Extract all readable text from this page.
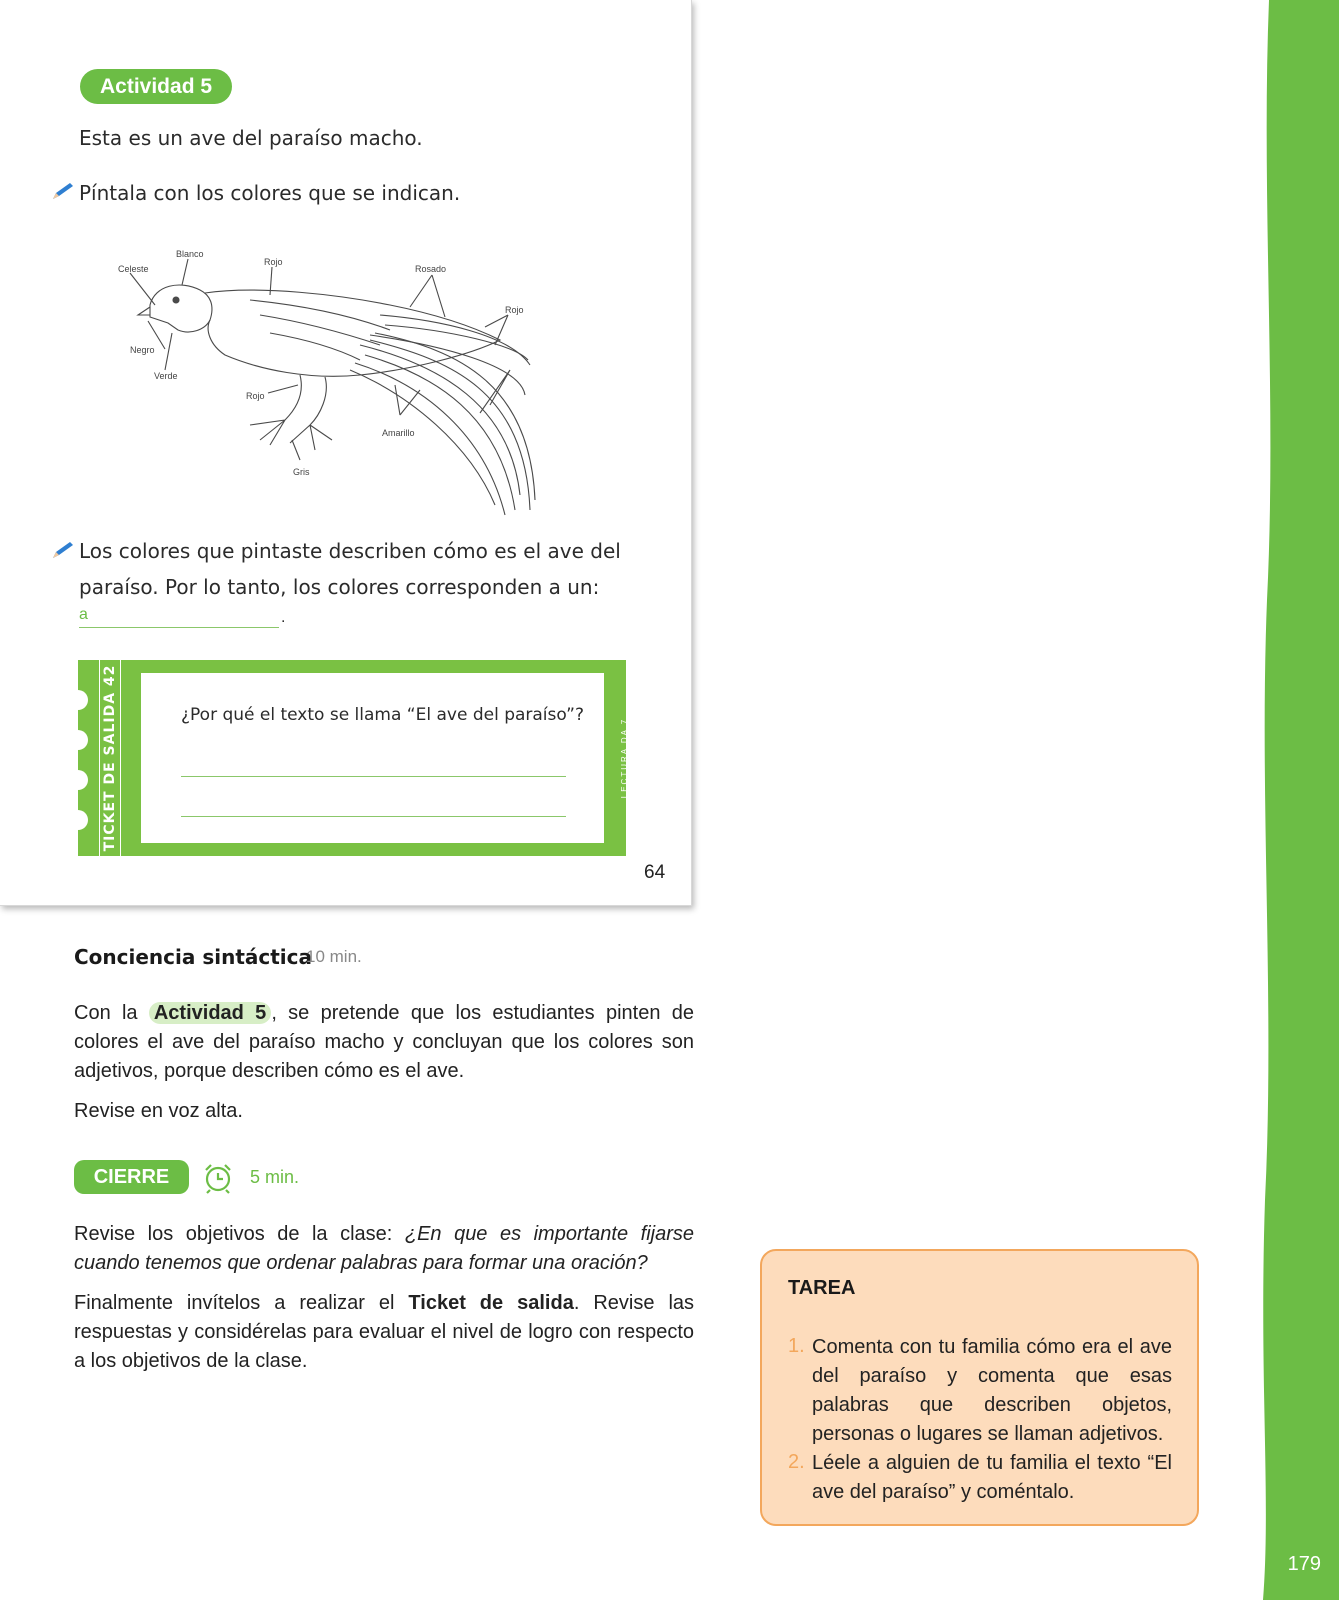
179
Actividad 5
Esta es un ave del paraíso macho.
Píntala con los colores que se indican.
Blanco
Celeste
Rojo
Rosado
Rojo
Negro
Verde
Rojo
Amarillo
Gris
Los colores que pintaste describen cómo es el ave del
paraíso. Por lo tanto, los colores corresponden a un:
a	.
TICKET DE SALIDA 42	¿Por qué el texto se llama “El ave del paraíso”?
LECTURA DA 7
64
Conciencia sintáctica
10 min.
Con la Actividad 5 , se pretende que los estudiantes pinten de colores el ave del paraíso macho y concluyan que los colores son adjetivos, porque describen cómo es el ave.
Revise en voz alta.
CIERRE	5 min.
Revise los objetivos de la clase: ¿En que es importante fijarse cuando tenemos que ordenar palabras para formar una oración?
Finalmente invítelos a realizar el Ticket de salida. Revise las respuestas y considérelas para evaluar el nivel de logro con respecto a los objetivos de la clase.
TAREA
1. Comenta con tu familia cómo era el ave del paraíso y comenta que esas palabras que describen objetos, personas o lugares se llaman adjetivos.
2. Léele a alguien de tu familia el texto “El ave del paraíso” y coméntalo.
